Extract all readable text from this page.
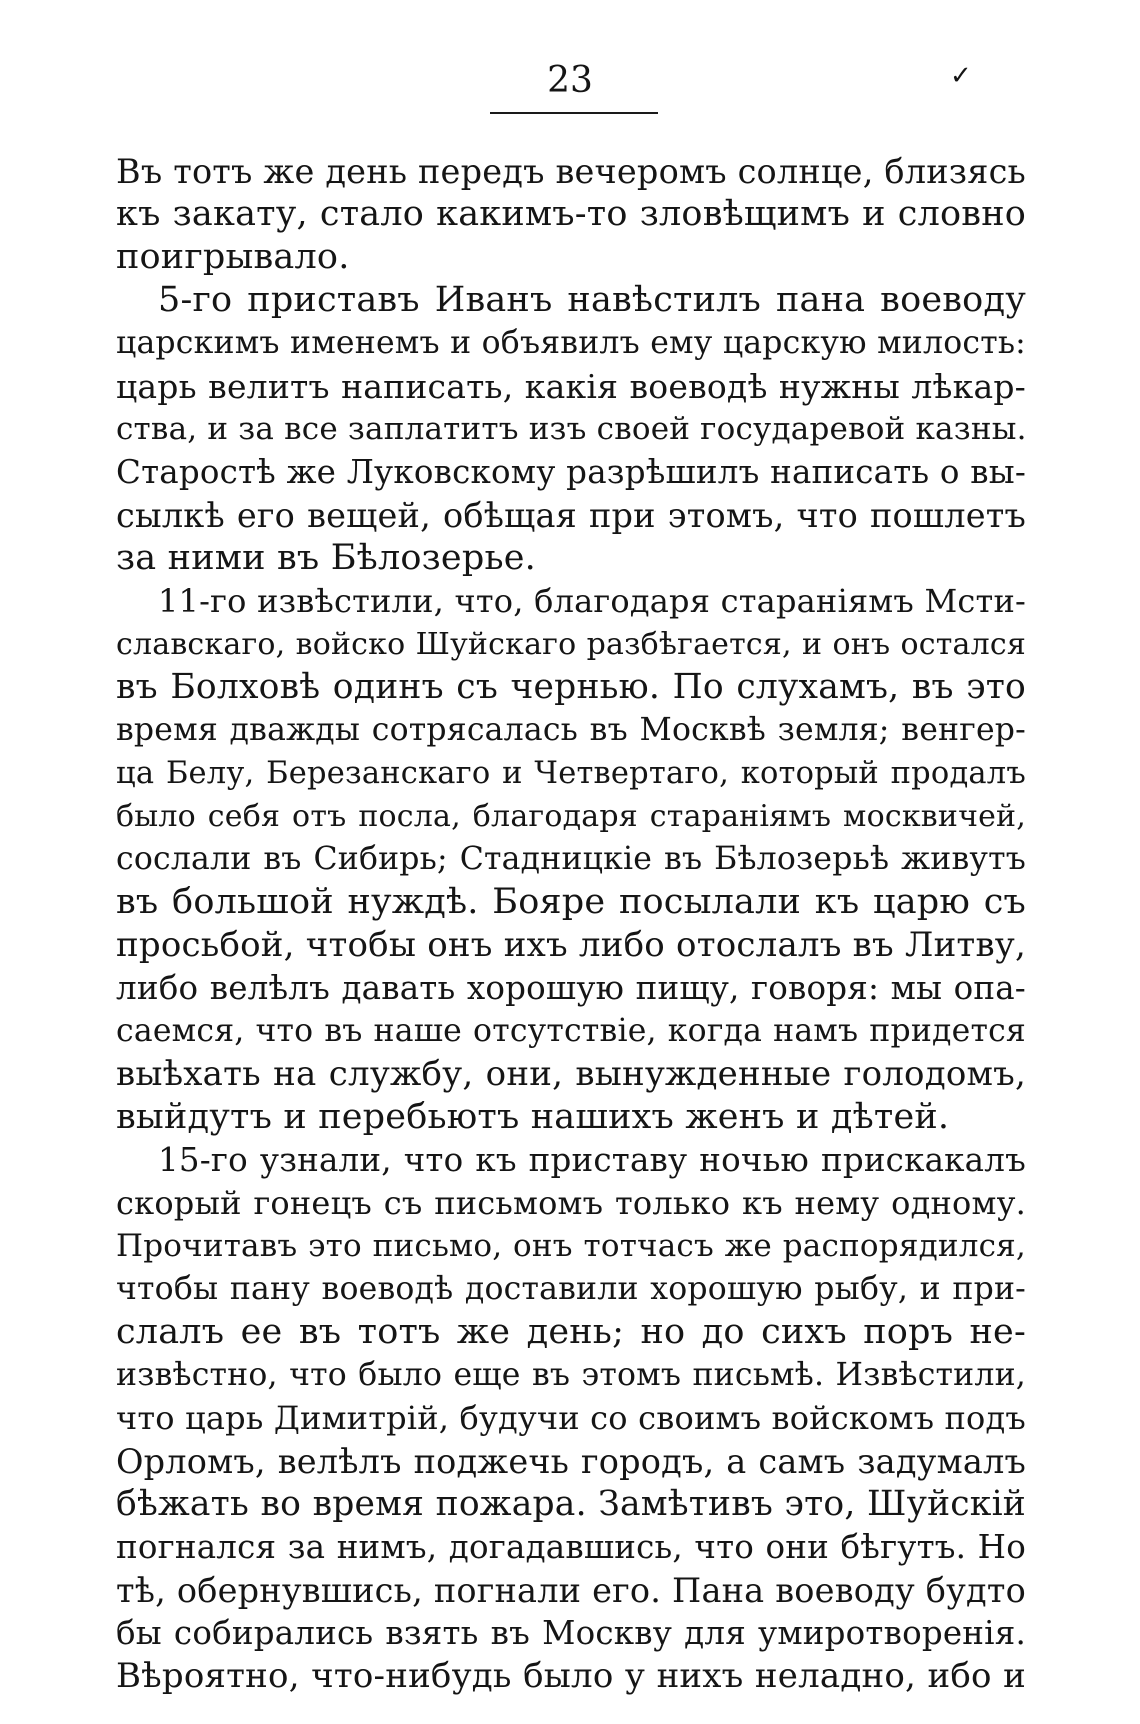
23	✓
Въ тотъ же день передъ вечеромъ солнце, близясь
къ закату, стало какимъ-то зловѣщимъ и словно
поигрывало.
5-го приставъ Иванъ навѣстилъ пана воеводу
царскимъ именемъ и объявилъ ему царскую милость:
царь велитъ написать, какія воеводѣ нужны лѣкар-
ства, и за все заплатитъ изъ своей государевой казны.
Старостѣ же Луковскому разрѣшилъ написать о вы-
сылкѣ его вещей, обѣщая при этомъ, что пошлетъ
за ними въ Бѣлозерье.
11-го извѣстили, что, благодаря стараніямъ Мсти-
славскаго, войско Шуйскаго разбѣгается, и онъ остался
въ Болховѣ одинъ съ чернью. По слухамъ, въ это
время дважды сотрясалась въ Москвѣ земля; венгер-
ца Белу, Березанскаго и Четвертаго, который продалъ
было себя отъ посла, благодаря стараніямъ москвичей,
сослали въ Сибирь; Стадницкіе въ Бѣлозерьѣ живутъ
въ большой нуждѣ. Бояре посылали къ царю съ
просьбой, чтобы онъ ихъ либо отослалъ въ Литву,
либо велѣлъ давать хорошую пищу, говоря: мы опа-
саемся, что въ наше отсутствіе, когда намъ придется
выѣхать на службу, они, вынужденные голодомъ,
выйдутъ и перебьютъ нашихъ женъ и дѣтей.
15-го узнали, что къ приставу ночью прискакалъ
скорый гонецъ съ письмомъ только къ нему одному.
Прочитавъ это письмо, онъ тотчасъ же распорядился,
чтобы пану воеводѣ доставили хорошую рыбу, и при-
слалъ ее въ тотъ же день; но до сихъ поръ не-
извѣстно, что было еще въ этомъ письмѣ. Извѣстили,
что царь Димитрій, будучи со своимъ войскомъ подъ
Орломъ, велѣлъ поджечь городъ, а самъ задумалъ
бѣжать во время пожара. Замѣтивъ это, Шуйскій
погнался за нимъ, догадавшись, что они бѣгутъ. Но
тѣ, обернувшись, погнали его. Пана воеводу будто
бы собирались взять въ Москву для умиротворенія.
Вѣроятно, что-нибудь было у нихъ неладно, ибо и
